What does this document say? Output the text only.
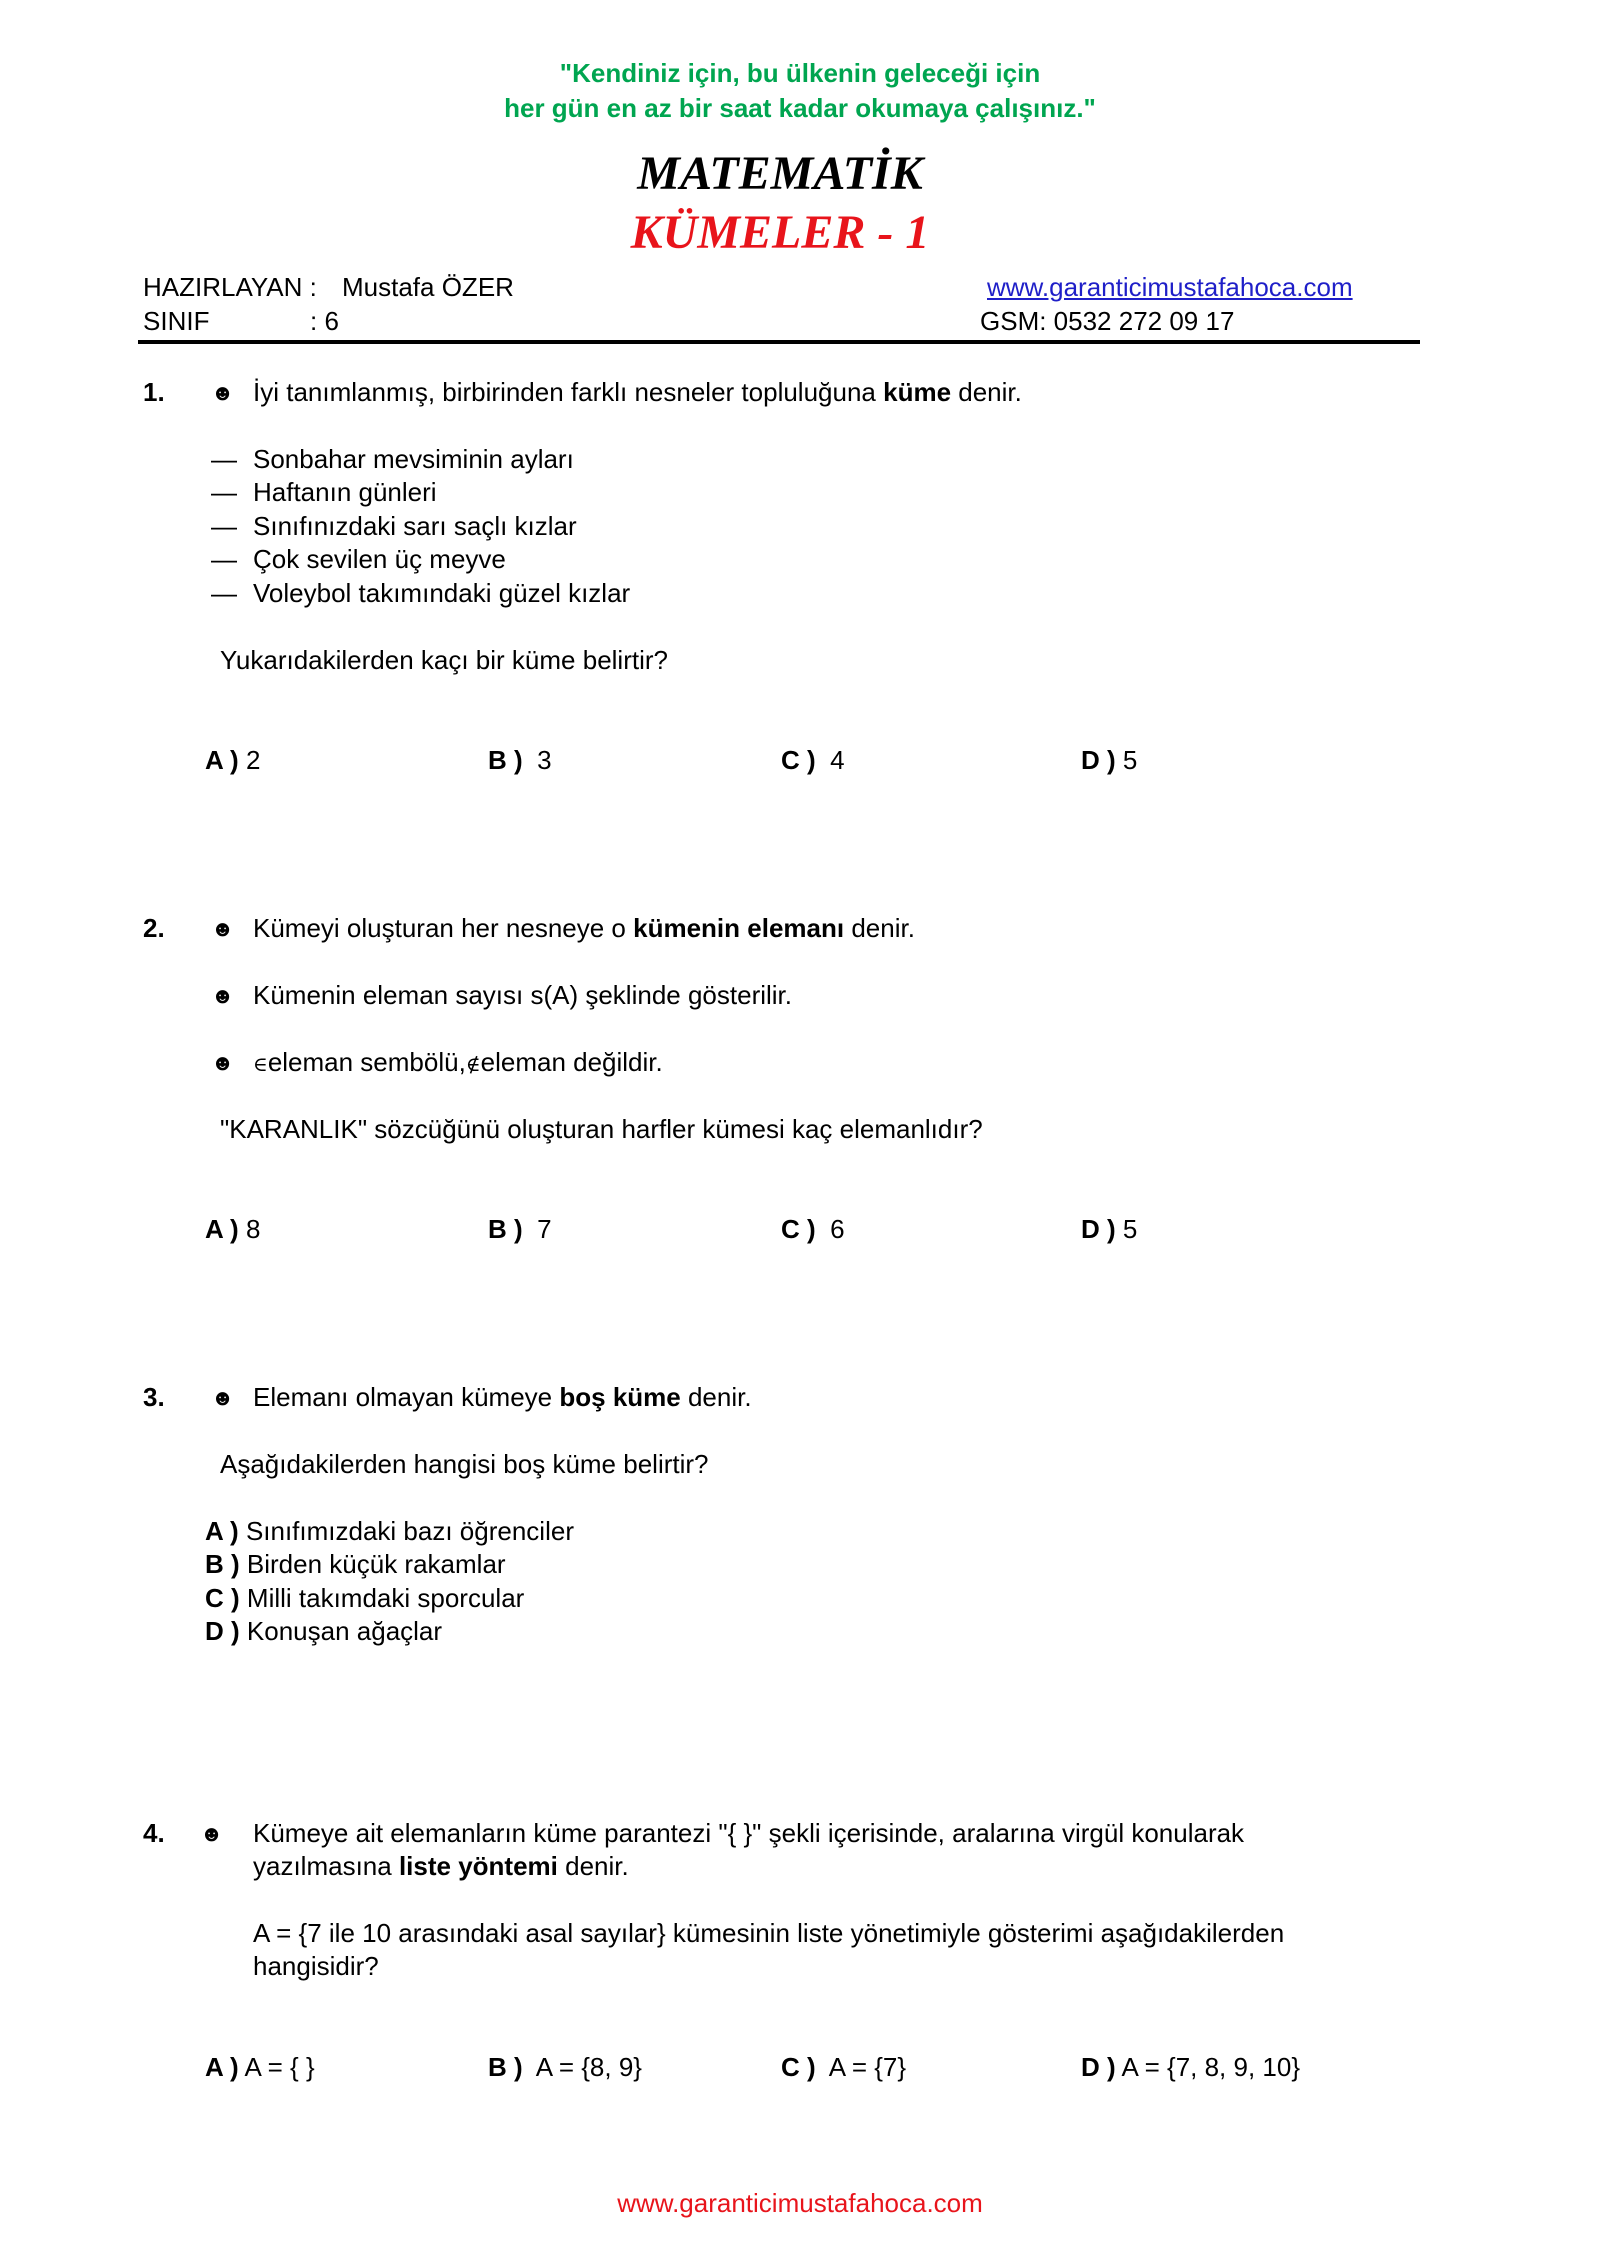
"Kendiniz için, bu ülkenin geleceği için
her gün en az bir saat kadar okumaya çalışınız."
MATEMATİK
KÜMELER - 1
HAZIRLAYAN : Mustafa ÖZER	www.garanticimustafahoca.com
SINIF	: 6	GSM: 0532 272 09 17
1. ☻ İyi tanımlanmış, birbirinden farklı nesneler topluluğuna küme denir.
— Sonbahar mevsiminin ayları
— Haftanın günleri
— Sınıfınızdaki sarı saçlı kızlar
— Çok sevilen üç meyve
— Voleybol takımındaki güzel kızlar
Yukarıdakilerden kaçı bir küme belirtir?
A ) 2	B ) 3	C ) 4	D ) 5
2. ☻ Kümeyi oluşturan her nesneye o kümenin elemanı denir.
☻ Kümenin eleman sayısı s(A) şeklinde gösterilir.
☻ ∈eleman sembölü,∉eleman değildir.
"KARANLIK" sözcüğünü oluşturan harfler kümesi kaç elemanlıdır?
A ) 8	B ) 7	C ) 6	D ) 5
3. ☻ Elemanı olmayan kümeye boş küme denir.
Aşağıdakilerden hangisi boş küme belirtir?
A ) Sınıfımızdaki bazı öğrenciler
B ) Birden küçük rakamlar
C ) Milli takımdaki sporcular
D ) Konuşan ağaçlar
4. ☻ Kümeye ait elemanların küme parantezi "{ }" şekli içerisinde, aralarına virgül konularak
yazılmasına liste yöntemi denir.
A = {7 ile 10 arasındaki asal sayılar} kümesinin liste yönetimiyle gösterimi aşağıdakilerden
hangisidir?
A ) A = { }	B ) A = {8, 9}	C ) A = {7}	D ) A = {7, 8, 9, 10}
www.garanticimustafahoca.com
